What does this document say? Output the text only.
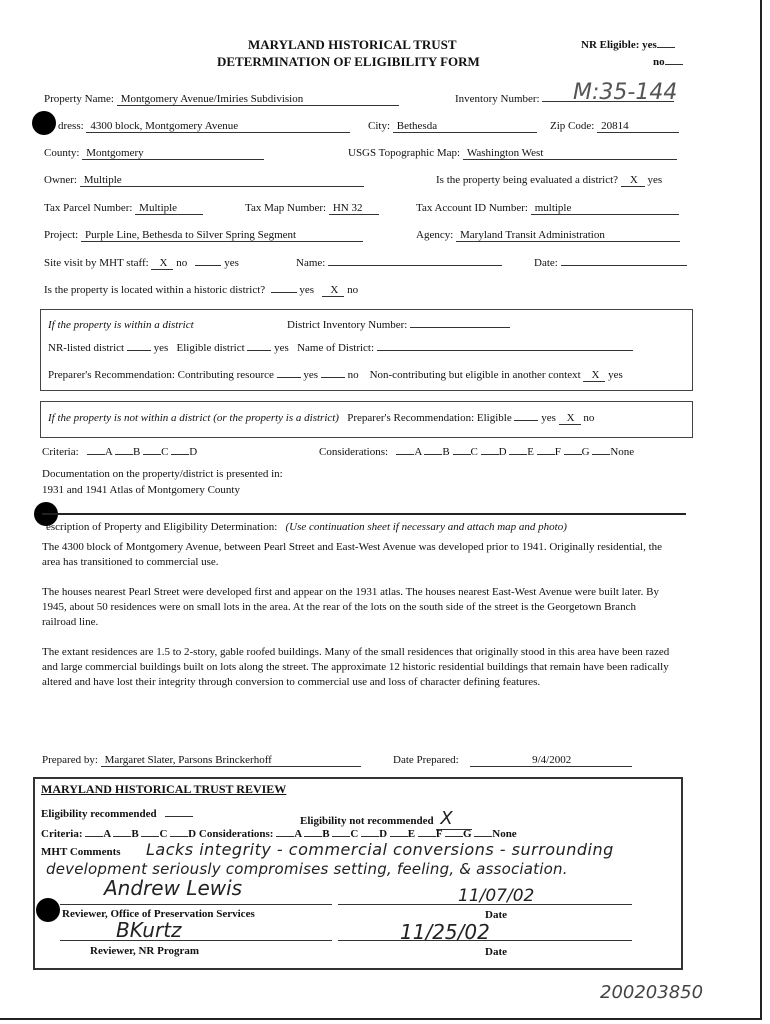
MARYLAND HISTORICAL TRUST
DETERMINATION OF ELIGIBILITY FORM
NR Eligible: yes
no
Property Name: Montgomery Avenue/Imiries Subdivision	Inventory Number:	M:35-144
dress: 4300 block, Montgomery Avenue	City: Bethesda	Zip Code: 20814
County: Montgomery	USGS Topographic Map: Washington West
Owner: Multiple	Is the property being evaluated a district? X yes
Tax Parcel Number: Multiple	Tax Map Number: HN 32	Tax Account ID Number: multiple
Project: Purple Line, Bethesda to Silver Spring Segment	Agency: Maryland Transit Administration
Site visit by MHT staff: X no	yes	Name:	Date:
Is the property is located within a historic district?	yes X no
If the property is within a district	District Inventory Number:
NR-listed district	yes Eligible district	yes Name of District:
Preparer's Recommendation: Contributing resource	yes	no Non-contributing but eligible in another context X yes
If the property is not within a district (or the property is a district) Preparer's Recommendation: Eligible	yes X no
Criteria: A B C D	Considerations: A B C D E F G None
Documentation on the property/district is presented in:
1931 and 1941 Atlas of Montgomery County
escription of Property and Eligibility Determination: (Use continuation sheet if necessary and attach map and photo)
The 4300 block of Montgomery Avenue, between Pearl Street and East-West Avenue was developed prior to 1941. Originally residential, the area has transitioned to commercial use.
The houses nearest Pearl Street were developed first and appear on the 1931 atlas. The houses nearest East-West Avenue were built later. By 1945, about 50 residences were on small lots in the area. At the rear of the lots on the south side of the street is the Georgetown Branch railroad line.
The extant residences are 1.5 to 2-story, gable roofed buildings. Many of the small residences that originally stood in this area have been razed and large commercial buildings built on lots along the street. The approximate 12 historic residential buildings that remain have been radically altered and have lost their integrity through conversion to commercial use and loss of character defining features.
Prepared by: Margaret Slater, Parsons Brinckerhoff	Date Prepared:	9/4/2002
MARYLAND HISTORICAL TRUST REVIEW
Eligibility recommended
Eligibility not recommended X
Criteria: A B C D Considerations: A B C D E F G None
MHT Comments Lacks integrity - commercial conversions - surrounding
development seriously compromises setting, feeling, & association.
Andrew Lewis	11/07/02
Reviewer, Office of Preservation Services	Date
BKurtz	11/25/02
Reviewer, NR Program	Date
200203850
